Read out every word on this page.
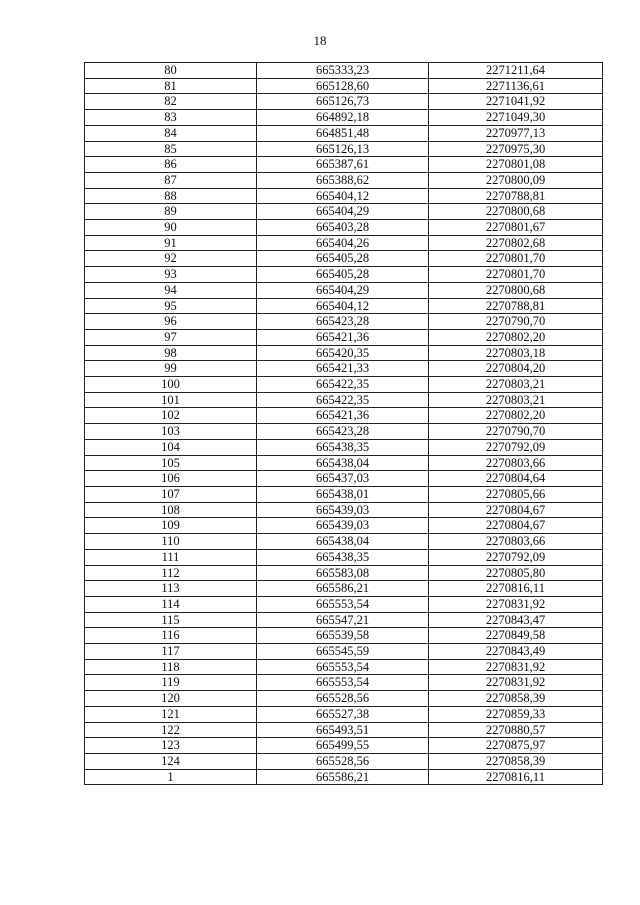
18
80	665333,23	2271211,64
81	665128,60	2271136,61
82	665126,73	2271041,92
83	664892,18	2271049,30
84	664851,48	2270977,13
85	665126,13	2270975,30
86	665387,61	2270801,08
87	665388,62	2270800,09
88	665404,12	2270788,81
89	665404,29	2270800,68
90	665403,28	2270801,67
91	665404,26	2270802,68
92	665405,28	2270801,70
93	665405,28	2270801,70
94	665404,29	2270800,68
95	665404,12	2270788,81
96	665423,28	2270790,70
97	665421,36	2270802,20
98	665420,35	2270803,18
99	665421,33	2270804,20
100	665422,35	2270803,21
101	665422,35	2270803,21
102	665421,36	2270802,20
103	665423,28	2270790,70
104	665438,35	2270792,09
105	665438,04	2270803,66
106	665437,03	2270804,64
107	665438,01	2270805,66
108	665439,03	2270804,67
109	665439,03	2270804,67
110	665438,04	2270803,66
111	665438,35	2270792,09
112	665583,08	2270805,80
113	665586,21	2270816,11
114	665553,54	2270831,92
115	665547,21	2270843,47
116	665539,58	2270849,58
117	665545,59	2270843,49
118	665553,54	2270831,92
119	665553,54	2270831,92
120	665528,56	2270858,39
121	665527,38	2270859,33
122	665493,51	2270880,57
123	665499,55	2270875,97
124	665528,56	2270858,39
1	665586,21	2270816,11
